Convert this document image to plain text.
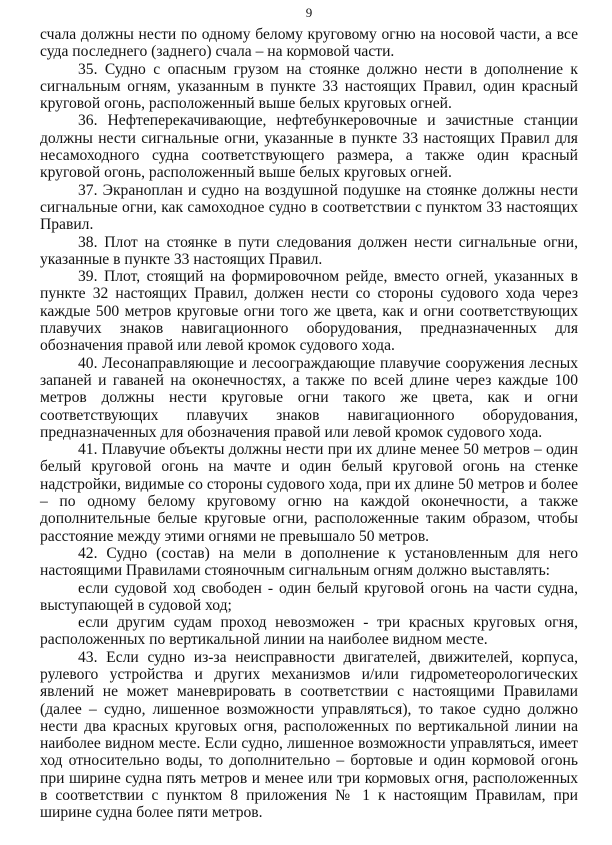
9

счала должны нести по одному белому круговому огню на носовой части, а все суда последнего (заднего) счала – на кормовой части.

35. Судно с опасным грузом на стоянке должно нести в дополнение к сигнальным огням, указанным в пункте 33 настоящих Правил, один красный круговой огонь, расположенный выше белых круговых огней.

36. Нефтеперекачивающие, нефтебункеровочные и зачистные станции должны нести сигнальные огни, указанные в пункте 33 настоящих Правил для несамоходного судна соответствующего размера, а также один красный круговой огонь, расположенный выше белых круговых огней.

37. Экраноплан и судно на воздушной подушке на стоянке должны нести сигнальные огни, как самоходное судно в соответствии с пунктом 33 настоящих Правил.

38. Плот на стоянке в пути следования должен нести сигнальные огни, указанные в пункте 33 настоящих Правил.

39. Плот, стоящий на формировочном рейде, вместо огней, указанных в пункте 32 настоящих Правил, должен нести со стороны судового хода через каждые 500 метров круговые огни того же цвета, как и огни соответствующих плавучих знаков навигационного оборудования, предназначенных для обозначения правой или левой кромок судового хода.

40. Лесонаправляющие и лесоограждающие плавучие сооружения лесных запаней и гаваней на оконечностях, а также по всей длине через каждые 100 метров должны нести круговые огни такого же цвета, как и огни соответствующих плавучих знаков навигационного оборудования, предназначенных для обозначения правой или левой кромок судового хода.

41. Плавучие объекты должны нести при их длине менее 50 метров – один белый круговой огонь на мачте и один белый круговой огонь на стенке надстройки, видимые со стороны судового хода, при их длине 50 метров и более – по одному белому круговому огню на каждой оконечности, а также дополнительные белые круговые огни, расположенные таким образом, чтобы расстояние между этими огнями не превышало 50 метров.

42. Судно (состав) на мели в дополнение к установленным для него настоящими Правилами стояночным сигнальным огням должно выставлять:

если судовой ход свободен - один белый круговой огонь на части судна, выступающей в судовой ход;

если другим судам проход невозможен - три красных круговых огня, расположенных по вертикальной линии на наиболее видном месте.

43. Если судно из-за неисправности двигателей, движителей, корпуса, рулевого устройства и других механизмов и/или гидрометеорологических явлений не может маневрировать в соответствии с настоящими Правилами (далее – судно, лишенное возможности управляться), то такое судно должно нести два красных круговых огня, расположенных по вертикальной линии на наиболее видном месте. Если судно, лишенное возможности управляться, имеет ход относительно воды, то дополнительно – бортовые и один кормовой огонь при ширине судна пять метров и менее или три кормовых огня, расположенных в соответствии с пунктом 8 приложения № 1 к настоящим Правилам, при ширине судна более пяти метров.
